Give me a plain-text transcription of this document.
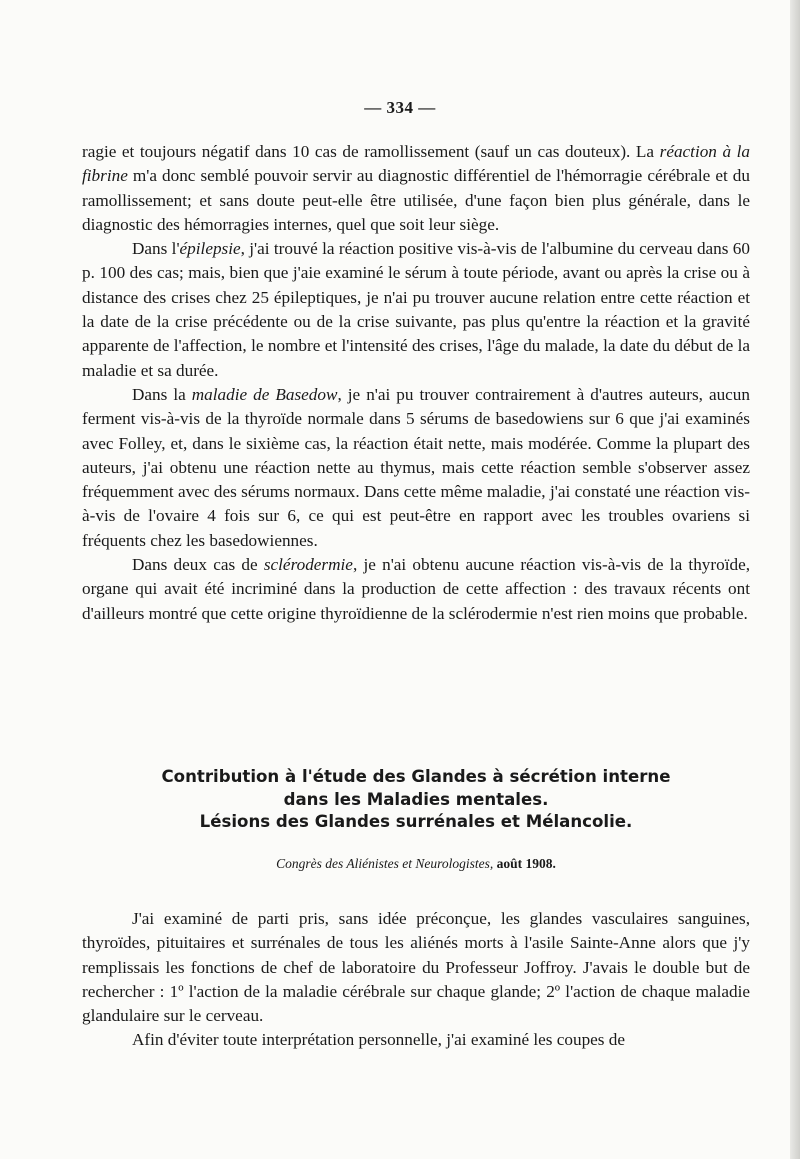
— 334 —

ragie et toujours négatif dans 10 cas de ramollissement (sauf un cas douteux). La réaction à la fibrine m'a donc semblé pouvoir servir au diagnostic différentiel de l'hémorragie cérébrale et du ramollissement; et sans doute peut-elle être utilisée, d'une façon bien plus générale, dans le diagnostic des hémorragies internes, quel que soit leur siège.

Dans l'épilepsie, j'ai trouvé la réaction positive vis-à-vis de l'albumine du cerveau dans 60 p. 100 des cas; mais, bien que j'aie examiné le sérum à toute période, avant ou après la crise ou à distance des crises chez 25 épileptiques, je n'ai pu trouver aucune relation entre cette réaction et la date de la crise précédente ou de la crise suivante, pas plus qu'entre la réaction et la gravité apparente de l'affection, le nombre et l'intensité des crises, l'âge du malade, la date du début de la maladie et sa durée.

Dans la maladie de Basedow, je n'ai pu trouver contrairement à d'autres auteurs, aucun ferment vis-à-vis de la thyroïde normale dans 5 sérums de basedowiens sur 6 que j'ai examinés avec Folley, et, dans le sixième cas, la réaction était nette, mais modérée. Comme la plupart des auteurs, j'ai obtenu une réaction nette au thymus, mais cette réaction semble s'observer assez fréquemment avec des sérums normaux. Dans cette même maladie, j'ai constaté une réaction vis-à-vis de l'ovaire 4 fois sur 6, ce qui est peut-être en rapport avec les troubles ovariens si fréquents chez les basedowiennes.

Dans deux cas de sclérodermie, je n'ai obtenu aucune réaction vis-à-vis de la thyroïde, organe qui avait été incriminé dans la production de cette affection : des travaux récents ont d'ailleurs montré que cette origine thyroïdienne de la sclérodermie n'est rien moins que probable.

Contribution à l'étude des Glandes à sécrétion interne
dans les Maladies mentales.
Lésions des Glandes surrénales et Mélancolie.
Congrès des Aliénistes et Neurologistes, août 1908.

J'ai examiné de parti pris, sans idée préconçue, les glandes vasculaires sanguines, thyroïdes, pituitaires et surrénales de tous les aliénés morts à l'asile Sainte-Anne alors que j'y remplissais les fonctions de chef de laboratoire du Professeur Joffroy. J'avais le double but de rechercher : 1º l'action de la maladie cérébrale sur chaque glande; 2º l'action de chaque maladie glandulaire sur le cerveau.

Afin d'éviter toute interprétation personnelle, j'ai examiné les coupes de
